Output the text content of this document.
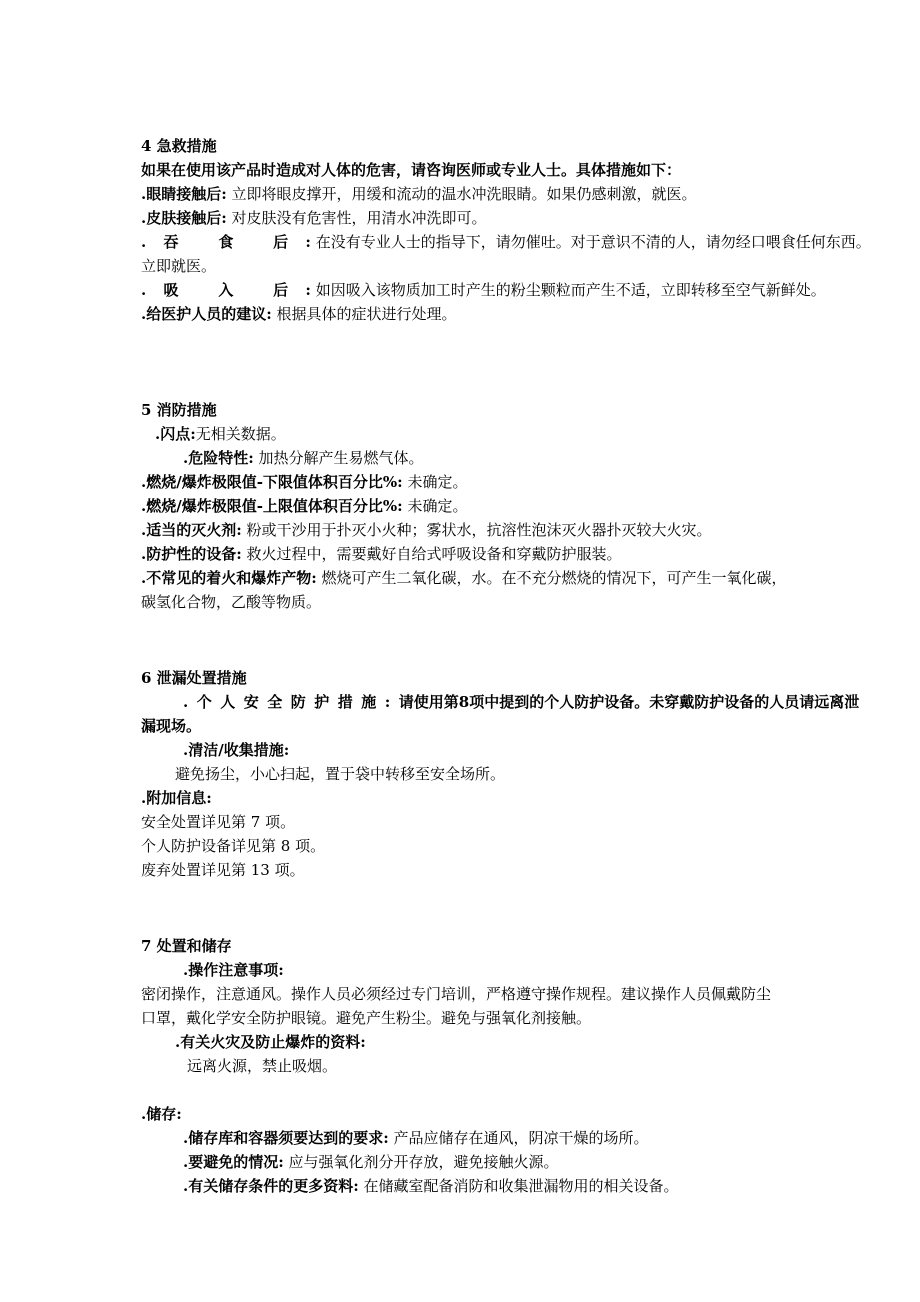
4 急救措施
如果在使用该产品时造成对人体的危害，请咨询医师或专业人士。具体措施如下：
.眼睛接触后: 立即将眼皮撑开，用缓和流动的温水冲洗眼睛。如果仍感刺激，就医。
.皮肤接触后: 对皮肤没有危害性，用清水冲洗即可。
.吞 食 后: 在没有专业人士的指导下，请勿催吐。对于意识不清的人，请勿经口喂食任何东西。
立即就医。
.吸 入 后: 如因吸入该物质加工时产生的粉尘颗粒而产生不适，立即转移至空气新鲜处。
.给医护人员的建议: 根据具体的症状进行处理。
5 消防措施
.闪点:无相关数据。
.危险特性: 加热分解产生易燃气体。
.燃烧/爆炸极限值-下限值体积百分比%: 未确定。
.燃烧/爆炸极限值-上限值体积百分比%: 未确定。
.适当的灭火剂: 粉或干沙用于扑灭小火种；雾状水，抗溶性泡沫灭火器扑灭较大火灾。
.防护性的设备: 救火过程中，需要戴好自给式呼吸设备和穿戴防护服装。
.不常见的着火和爆炸产物: 燃烧可产生二氧化碳，水。在不充分燃烧的情况下，可产生一氧化碳，
碳氢化合物，乙酸等物质。
6 泄漏处置措施
.个人安全防护措施:请使用第8项中提到的个人防护设备。未穿戴防护设备的人员请远离泄
漏现场。
.清洁/收集措施:
避免扬尘，小心扫起，置于袋中转移至安全场所。
.附加信息:
安全处置详见第 7 项。
个人防护设备详见第 8 项。
废弃处置详见第 13 项。
7 处置和储存
.操作注意事项:
密闭操作，注意通风。操作人员必须经过专门培训，严格遵守操作规程。建议操作人员佩戴防尘
口罩，戴化学安全防护眼镜。避免产生粉尘。避免与强氧化剂接触。
.有关火灾及防止爆炸的资料:
远离火源，禁止吸烟。
.储存:
.储存库和容器须要达到的要求: 产品应储存在通风，阴凉干燥的场所。
.要避免的情况: 应与强氧化剂分开存放，避免接触火源。
.有关储存条件的更多资料: 在储藏室配备消防和收集泄漏物用的相关设备。
